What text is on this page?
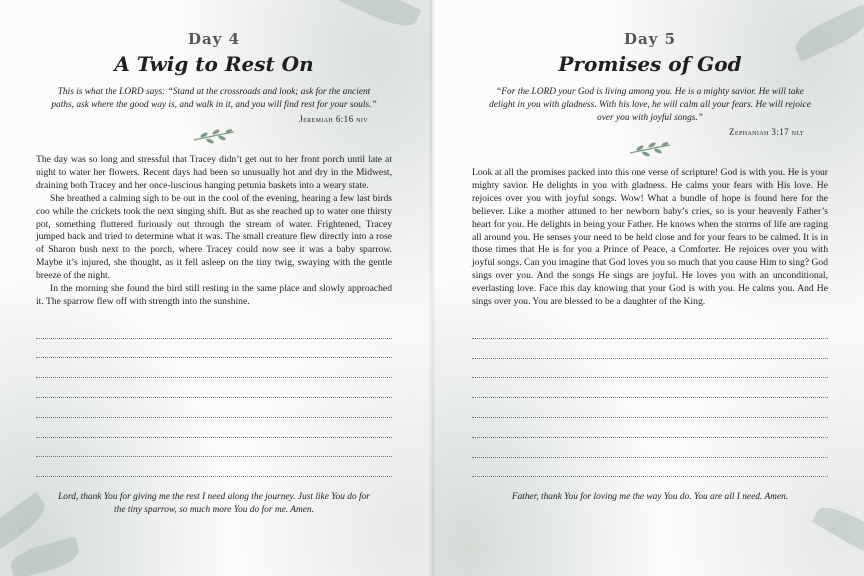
Day 4
A Twig to Rest On
This is what the LORD says: “Stand at the crossroads and look; ask for the ancient paths, ask where the good way is, and walk in it, and you will find rest for your souls.”
Jeremiah 6:16 niv

The day was so long and stressful that Tracey didn’t get out to her front porch until late at night to water her flowers. Recent days had been so unusually hot and dry in the Midwest, draining both Tracey and her once-luscious hanging petunia baskets into a weary state.

She breathed a calming sigh to be out in the cool of the evening, hearing a few last birds coo while the crickets took the next singing shift. But as she reached up to water one thirsty pot, something fluttered furiously out through the stream of water. Frightened, Tracey jumped back and tried to determine what it was. The small creature flew directly into a rose of Sharon bush next to the porch, where Tracey could now see it was a baby sparrow. Maybe it’s injured, she thought, as it fell asleep on the tiny twig, swaying with the gentle breeze of the night.

In the morning she found the bird still resting in the same place and slowly approached it. The sparrow flew off with strength into the sunshine.

Lord, thank You for giving me the rest I need along the journey. Just like You do for the tiny sparrow, so much more You do for me. Amen.
Day 5
Promises of God
“For the LORD your God is living among you. He is a mighty savior. He will take delight in you with gladness. With his love, he will calm all your fears. He will rejoice over you with joyful songs.”
Zephaniah 3:17 nlt

Look at all the promises packed into this one verse of scripture! God is with you. He is your mighty savior. He delights in you with gladness. He calms your fears with His love. He rejoices over you with joyful songs. Wow! What a bundle of hope is found here for the believer. Like a mother attuned to her newborn baby’s cries, so is your heavenly Father’s heart for you. He delights in being your Father. He knows when the storms of life are raging all around you. He senses your need to be held close and for your fears to be calmed. It is in those times that He is for you a Prince of Peace, a Comforter. He rejoices over you with joyful songs. Can you imagine that God loves you so much that you cause Him to sing? God sings over you. And the songs He sings are joyful. He loves you with an unconditional, everlasting love. Face this day knowing that your God is with you. He calms you. And He sings over you. You are blessed to be a daughter of the King.

Father, thank You for loving me the way You do. You are all I need. Amen.
